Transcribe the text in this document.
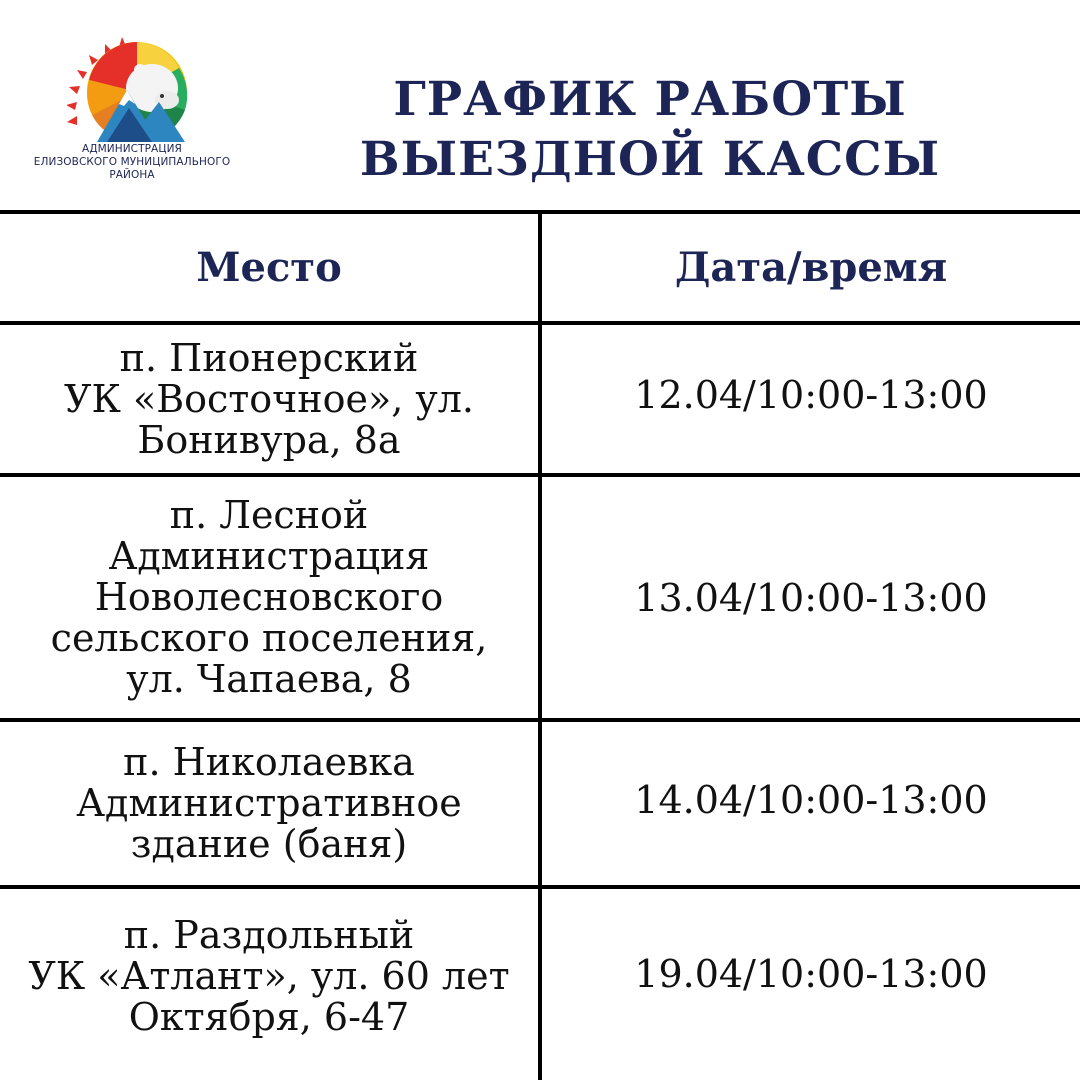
АДМИНИСТРАЦИЯ
ЕЛИЗОВСКОГО МУНИЦИПАЛЬНОГО
РАЙОНА
ГРАФИК РАБОТЫ
ВЫЕЗДНОЙ КАССЫ
Место	Дата/время
п. Пионерский
УК «Восточное», ул.
Бонивура, 8а
12.04/10:00-13:00
п. Лесной
Администрация
Новолесновского
сельского поселения,
ул. Чапаева, 8
13.04/10:00-13:00
п. Николаевка
Административное
здание (баня)
14.04/10:00-13:00
п. Раздольный
УК «Атлант», ул. 60 лет
Октября, 6-47
19.04/10:00-13:00
